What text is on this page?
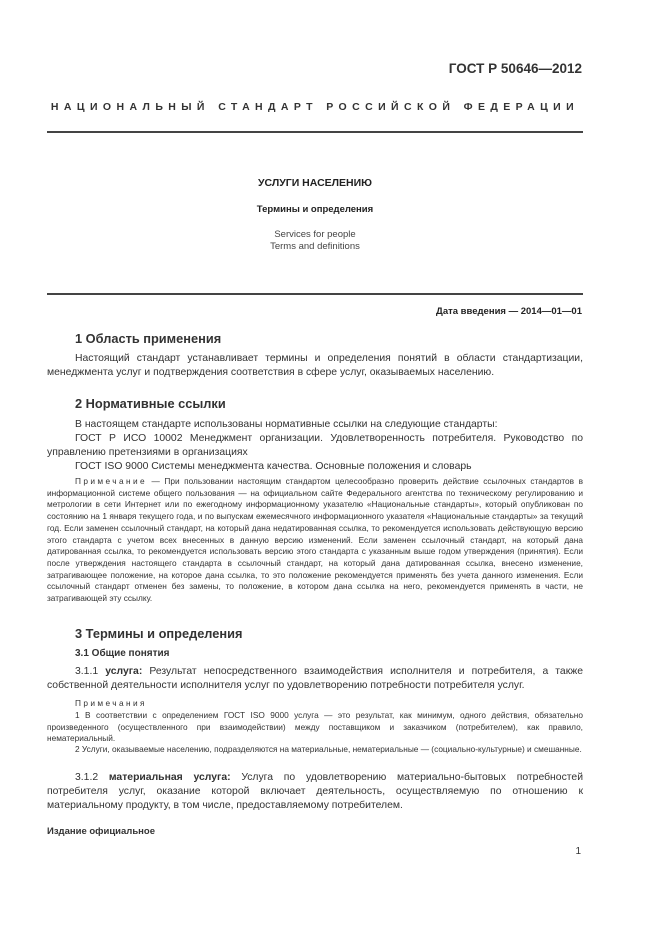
ГОСТ Р 50646—2012
НАЦИОНАЛЬНЫЙ СТАНДАРТ РОССИЙСКОЙ ФЕДЕРАЦИИ
УСЛУГИ НАСЕЛЕНИЮ
Термины и определения
Services for people
Terms and definitions
Дата введения — 2014—01—01
1 Область применения

Настоящий стандарт устанавливает термины и определения понятий в области стандартизации, менеджмента услуг и подтверждения соответствия в сфере услуг, оказываемых населению.

2 Нормативные ссылки

В настоящем стандарте использованы нормативные ссылки на следующие стандарты:

ГОСТ Р ИСО 10002 Менеджмент организации. Удовлетворенность потребителя. Руководство по управлению претензиями в организациях

ГОСТ ISO 9000 Системы менеджмента качества. Основные положения и словарь

Примечание — При пользовании настоящим стандартом целесообразно проверить действие ссылочных стандартов в информационной системе общего пользования — на официальном сайте Федерального агентства по техническому регулированию и метрологии в сети Интернет или по ежегодному информационному указателю «Национальные стандарты», который опубликован по состоянию на 1 января текущего года, и по выпускам ежемесячного информационного указателя «Национальные стандарты» за текущий год. Если заменен ссылочный стандарт, на который дана недатированная ссылка, то рекомендуется использовать действующую версию этого стандарта с учетом всех внесенных в данную версию изменений. Если заменен ссылочный стандарт, на который дана датированная ссылка, то рекомендуется использовать версию этого стандарта с указанным выше годом утверждения (принятия). Если после утверждения настоящего стандарта в ссылочный стандарт, на который дана датированная ссылка, внесено изменение, затрагивающее положение, на которое дана ссылка, то это положение рекомендуется применять без учета данного изменения. Если ссылочный стандарт отменен без замены, то положение, в котором дана ссылка на него, рекомендуется применять в части, не затрагивающей эту ссылку.

3 Термины и определения
3.1 Общие понятия

3.1.1 услуга: Результат непосредственного взаимодействия исполнителя и потребителя, а также собственной деятельности исполнителя услуг по удовлетворению потребности потребителя услуг.

Примечания

1 В соответствии с определением ГОСТ ISO 9000 услуга — это результат, как минимум, одного действия, обязательно произведенного (осуществленного при взаимодействии) между поставщиком и заказчиком (потребителем), как правило, нематериальный.

2 Услуги, оказываемые населению, подразделяются на материальные, нематериальные — (социально-культурные) и смешанные.

3.1.2 материальная услуга: Услуга по удовлетворению материально-бытовых потребностей потребителя услуг, оказание которой включает деятельность, осуществляемую по отношению к материальному продукту, в том числе, предоставляемому потребителем.

Издание официальное
1
